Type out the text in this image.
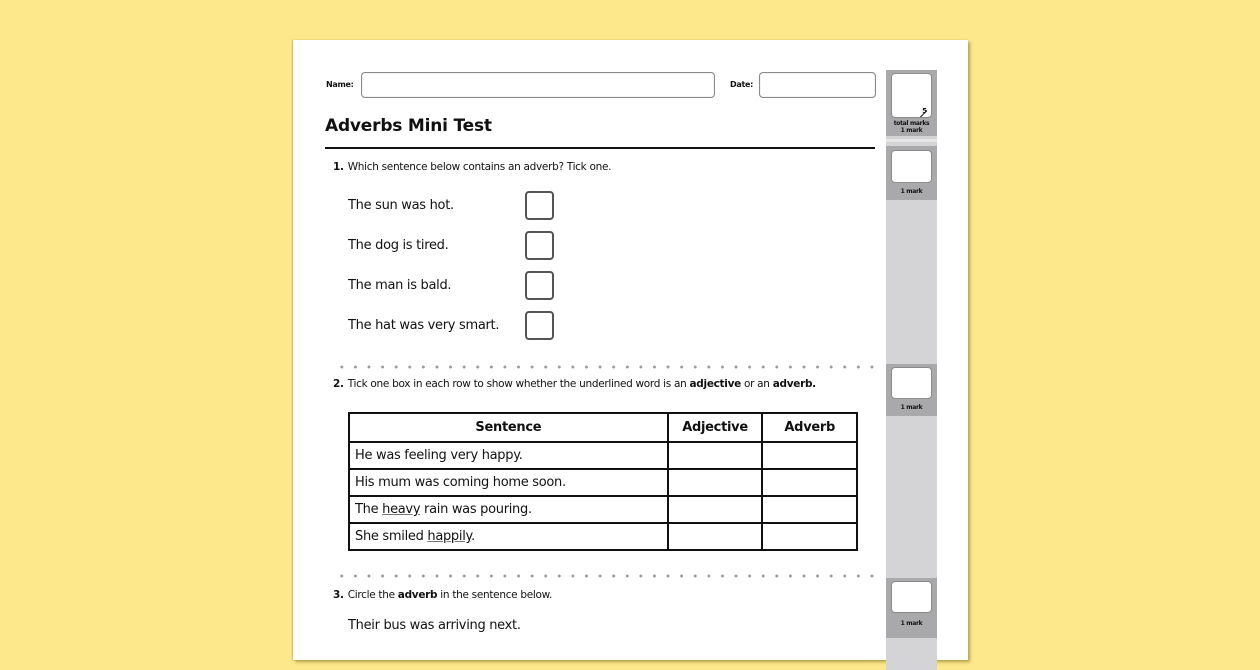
Name:	Date:
Adverbs Mini Test
1. Which sentence below contains an adverb? Tick one.
The sun was hot.
The dog is tired.
The man is bald.
The hat was very smart.
2. Tick one box in each row to show whether the underlined word is an adjective or an adverb.
Sentence	Adjective	Adverb
He was feeling very happy.		
His mum was coming home soon.		
The heavy rain was pouring.		
She smiled happily.		
3. Circle the adverb in the sentence below.
Their bus was arriving next.
5
total marks
1 mark
1 mark
1 mark
1 mark
